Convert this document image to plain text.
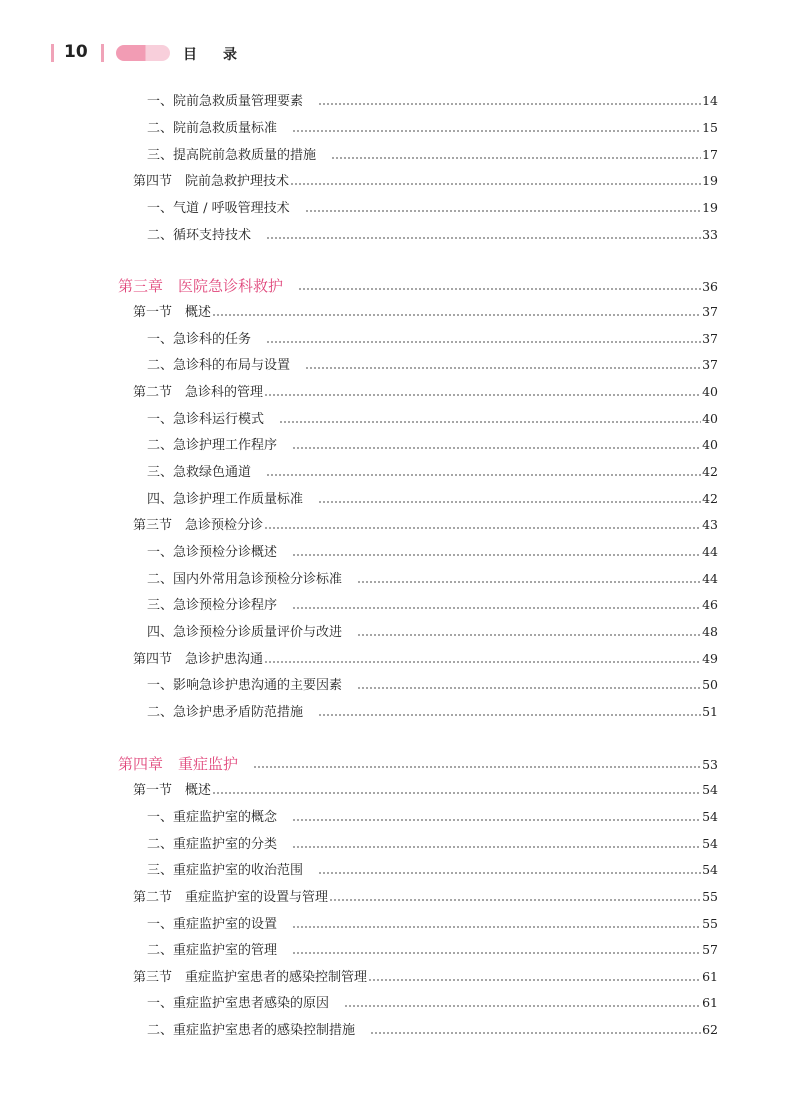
10	目录
一、院前急救质量管理要素	14
二、院前急救质量标准	15
三、提高院前急救质量的措施	17
第四节　院前急救护理技术	19
一、气道 / 呼吸管理技术	19
二、循环支持技术	33
第三章　医院急诊科救护	36
第一节　概述	37
一、急诊科的任务	37
二、急诊科的布局与设置	37
第二节　急诊科的管理	40
一、急诊科运行模式	40
二、急诊护理工作程序	40
三、急救绿色通道	42
四、急诊护理工作质量标准	42
第三节　急诊预检分诊	43
一、急诊预检分诊概述	44
二、国内外常用急诊预检分诊标准	44
三、急诊预检分诊程序	46
四、急诊预检分诊质量评价与改进	48
第四节　急诊护患沟通	49
一、影响急诊护患沟通的主要因素	50
二、急诊护患矛盾防范措施	51
第四章　重症监护	53
第一节　概述	54
一、重症监护室的概念	54
二、重症监护室的分类	54
三、重症监护室的收治范围	54
第二节　重症监护室的设置与管理	55
一、重症监护室的设置	55
二、重症监护室的管理	57
第三节　重症监护室患者的感染控制管理	61
一、重症监护室患者感染的原因	61
二、重症监护室患者的感染控制措施	62
